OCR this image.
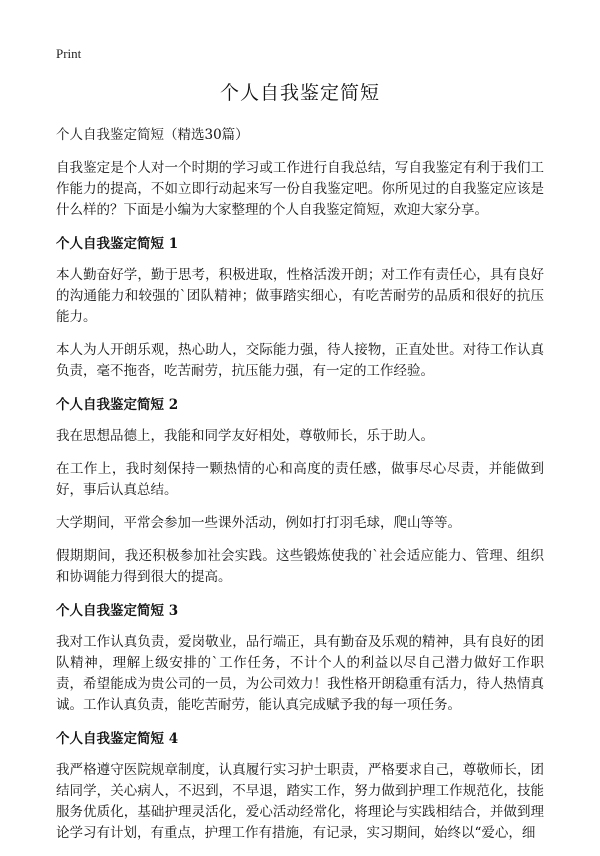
Print
个人自我鉴定简短

个人自我鉴定简短（精选30篇）

自我鉴定是个人对一个时期的学习或工作进行自我总结，写自我鉴定有利于我们工作能力的提高，不如立即行动起来写一份自我鉴定吧。你所见过的自我鉴定应该是什么样的？下面是小编为大家整理的个人自我鉴定简短，欢迎大家分享。

个人自我鉴定简短 1

本人勤奋好学，勤于思考，积极进取，性格活泼开朗；对工作有责任心，具有良好的沟通能力和较强的`团队精神；做事踏实细心，有吃苦耐劳的品质和很好的抗压能力。

本人为人开朗乐观，热心助人，交际能力强，待人接物，正直处世。对待工作认真负责，毫不拖沓，吃苦耐劳，抗压能力强，有一定的工作经验。

个人自我鉴定简短 2

我在思想品德上，我能和同学友好相处，尊敬师长，乐于助人。

在工作上，我时刻保持一颗热情的心和高度的责任感，做事尽心尽责，并能做到好，事后认真总结。

大学期间，平常会参加一些课外活动，例如打打羽毛球，爬山等等。

假期期间，我还积极参加社会实践。这些锻炼使我的`社会适应能力、管理、组织和协调能力得到很大的提高。

个人自我鉴定简短 3

我对工作认真负责，爱岗敬业，品行端正，具有勤奋及乐观的精神，具有良好的团队精神，理解上级安排的`工作任务，不计个人的利益以尽自己潜力做好工作职责，希望能成为贵公司的一员，为公司效力！我性格开朗稳重有活力，待人热情真诚。工作认真负责，能吃苦耐劳，能认真完成赋予我的每一项任务。

个人自我鉴定简短 4

我严格遵守医院规章制度，认真履行实习护士职责，严格要求自己，尊敬师长，团结同学，关心病人，不迟到，不早退，踏实工作，努力做到护理工作规范化，技能服务优质化，基础护理灵活化，爱心活动经常化，将理论与实践相结合，并做到理论学习有计划，有重点，护理工作有措施，有记录，实习期间，始终以“爱心，细
